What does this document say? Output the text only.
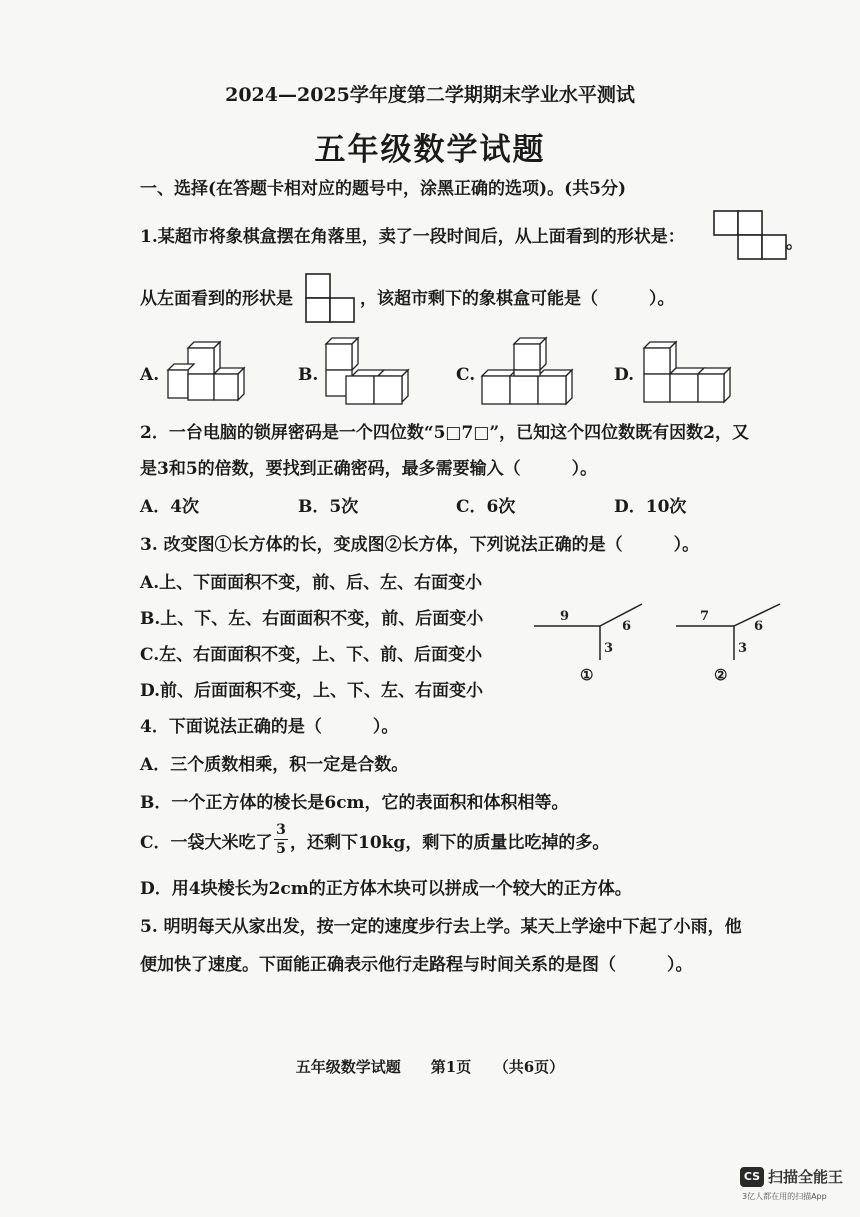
2024—2025学年度第二学期期末学业水平测试
五年级数学试题
一、选择(在答题卡相对应的题号中，涂黑正确的选项)。(共5分)
1.某超市将象棋盒摆在角落里，卖了一段时间后，从上面看到的形状是：	。
从左面看到的形状是	，该超市剩下的象棋盒可能是（　　　）。
A.	B.	C.	D.
2．一台电脑的锁屏密码是一个四位数“5□7□”，已知这个四位数既有因数2，又
是3和5的倍数，要找到正确密码，最多需要输入（　　　）。
A．4次	B．5次	C．6次	D．10次
3. 改变图①长方体的长，变成图②长方体，下列说法正确的是（　　　）。
A.上、下面面积不变，前、后、左、右面变小
B.上、下、左、右面面积不变，前、后面变小
C.左、右面面积不变，上、下、前、后面变小
D.前、后面面积不变，上、下、左、右面变小
9
6
3
①
7
6
3
②
4．下面说法正确的是（　　　）。
A．三个质数相乘，积一定是合数。
B．一个正方体的棱长是6cm，它的表面积和体积相等。
C．一袋大米吃了
3
5 ，还剩下10kg，剩下的质量比吃掉的多。
D．用4块棱长为2cm的正方体木块可以拼成一个较大的正方体。
5. 明明每天从家出发，按一定的速度步行去上学。某天上学途中下起了小雨，他
便加快了速度。下面能正确表示他行走路程与时间关系的是图（　　　）。
五年级数学试题　　第1页　　（共6页）
CS 扫描全能王
3亿人都在用的扫描App
